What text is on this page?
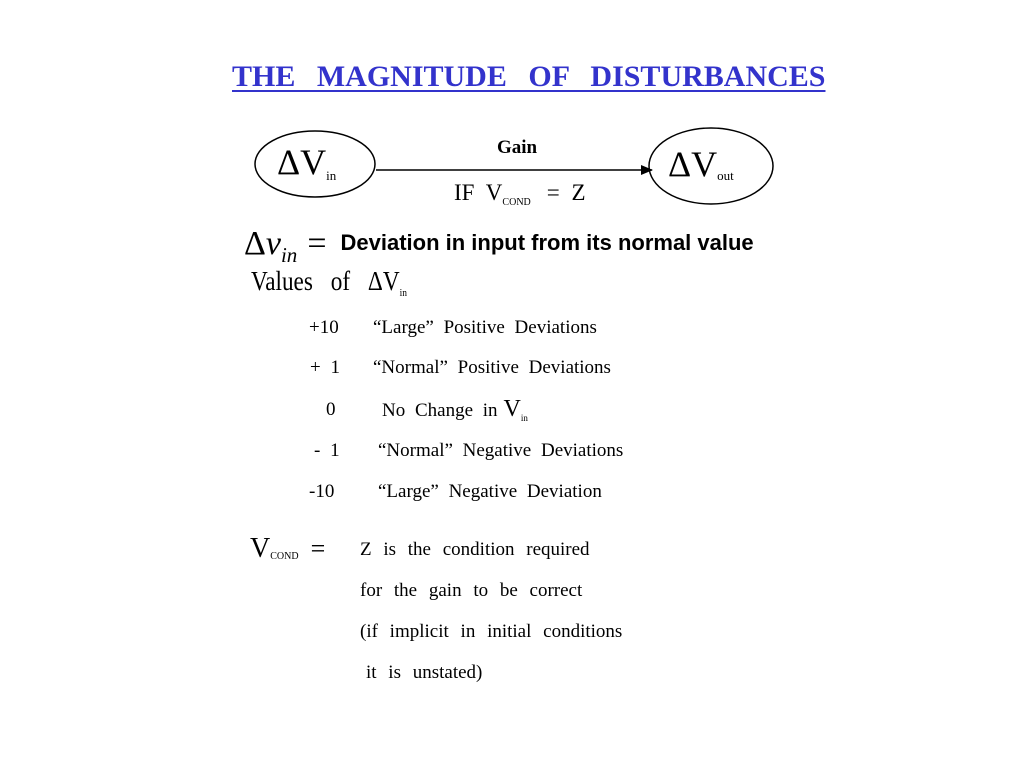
THE MAGNITUDE OF DISTURBANCES
$\Delta V_{in}$	$\Delta V_{out}$
Gain
IF $V_{COND} = Z$
Δvin = Deviation in input from its normal value
Values of $\Delta V_{in}$
+10 “Large” Positive Deviations
+ 1 “Normal” Positive Deviations
0 No Change in $V_{in}$
- 1 “Normal” Negative Deviations
-10 “Large” Negative Deviation
$V_{COND} = Z$ is the condition required
for the gain to be correct
(if implicit in initial conditions
it is unstated)
